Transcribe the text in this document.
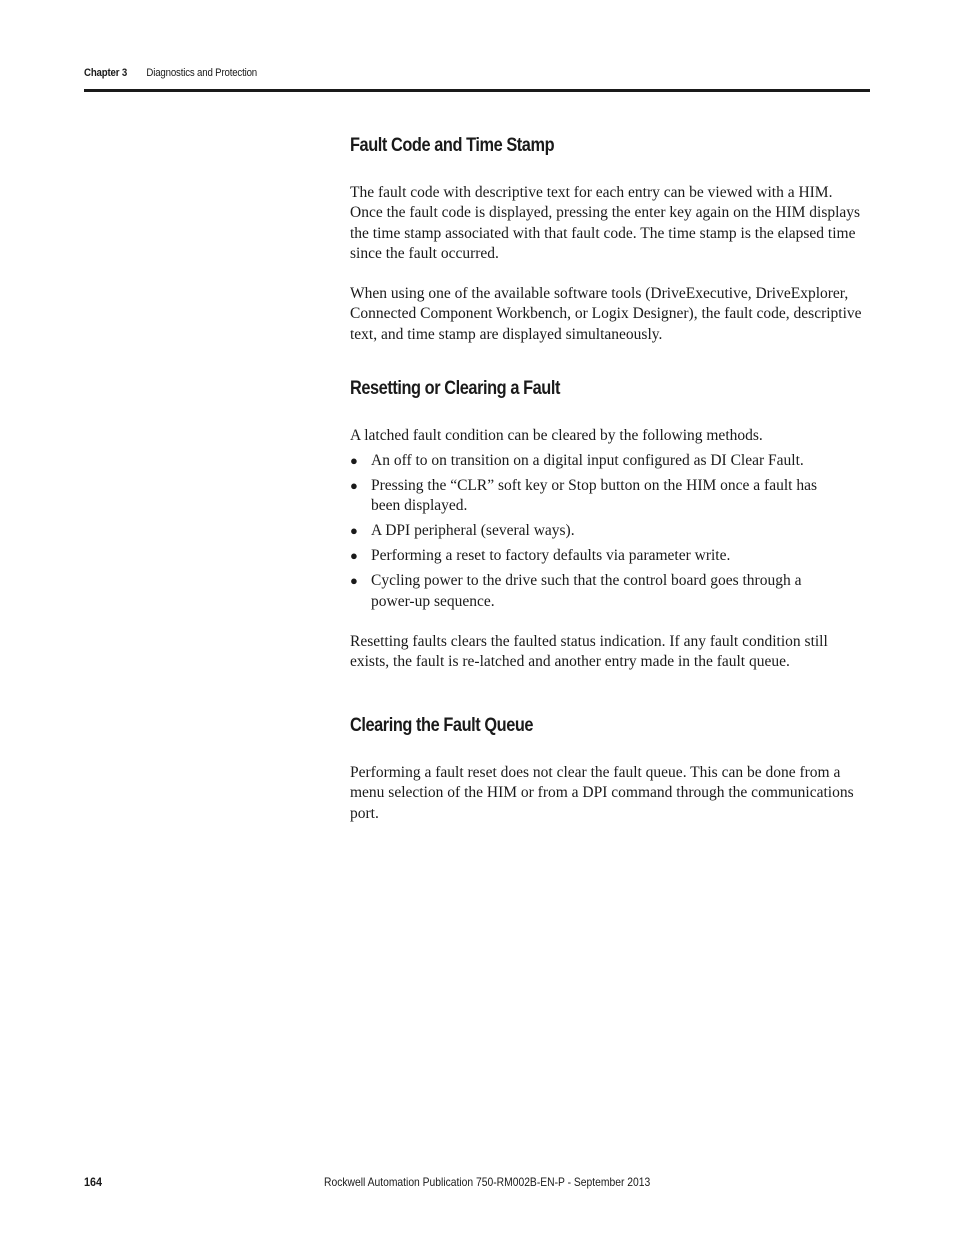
Chapter 3 Diagnostics and Protection
Fault Code and Time Stamp

The fault code with descriptive text for each entry can be viewed with a HIM. Once the fault code is displayed, pressing the enter key again on the HIM displays the time stamp associated with that fault code. The time stamp is the elapsed time since the fault occurred.

When using one of the available software tools (DriveExecutive, DriveExplorer, Connected Component Workbench, or Logix Designer), the fault code, descriptive text, and time stamp are displayed simultaneously.

Resetting or Clearing a Fault

A latched fault condition can be cleared by the following methods.

● An off to on transition on a digital input configured as DI Clear Fault.
● Pressing the “CLR” soft key or Stop button on the HIM once a fault has been displayed.
● A DPI peripheral (several ways).
● Performing a reset to factory defaults via parameter write.
● Cycling power to the drive such that the control board goes through a power-up sequence.

Resetting faults clears the faulted status indication. If any fault condition still exists, the fault is re-latched and another entry made in the fault queue.

Clearing the Fault Queue

Performing a fault reset does not clear the fault queue. This can be done from a menu selection of the HIM or from a DPI command through the communications port.

164	Rockwell Automation Publication 750-RM002B-EN-P - September 2013
